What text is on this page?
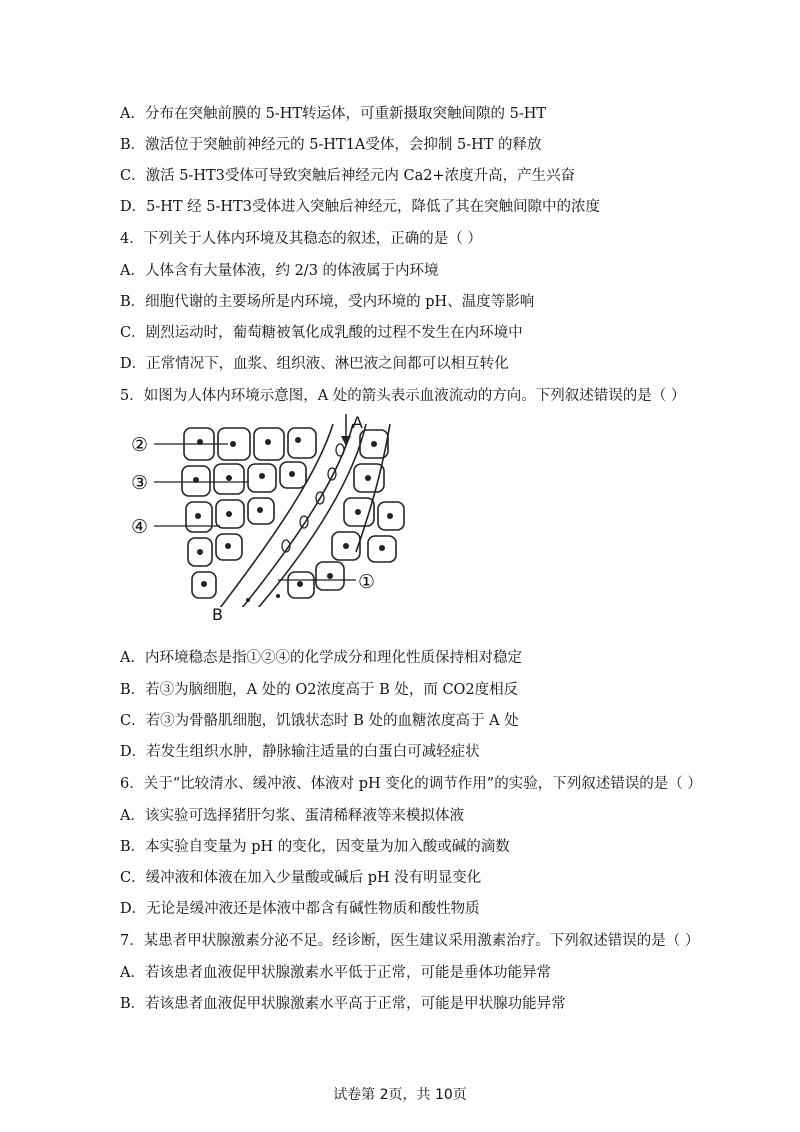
A．分布在突触前膜的 5-HT转运体，可重新摄取突触间隙的 5-HT
B．激活位于突触前神经元的 5-HT1A受体，会抑制 5-HT 的释放
C．激活 5-HT3受体可导致突触后神经元内 Ca2+浓度升高，产生兴奋
D．5-HT 经 5-HT3受体进入突触后神经元，降低了其在突触间隙中的浓度
4．下列关于人体内环境及其稳态的叙述，正确的是（ ）
A．人体含有大量体液，约 2/3 的体液属于内环境
B．细胞代谢的主要场所是内环境，受内环境的 pH、温度等影响
C．剧烈运动时，葡萄糖被氧化成乳酸的过程不发生在内环境中
D．正常情况下，血浆、组织液、淋巴液之间都可以相互转化
5．如图为人体内环境示意图，A 处的箭头表示血液流动的方向。下列叙述错误的是（ ）
②
③
④
①
A
B
A．内环境稳态是指①②④的化学成分和理化性质保持相对稳定
B．若③为脑细胞，A 处的 O2浓度高于 B 处，而 CO2度相反
C．若③为骨骼肌细胞，饥饿状态时 B 处的血糖浓度高于 A 处
D．若发生组织水肿，静脉输注适量的白蛋白可减轻症状
6．关于“比较清水、缓冲液、体液对 pH 变化的调节作用”的实验，下列叙述错误的是（ ）
A．该实验可选择猪肝匀浆、蛋清稀释液等来模拟体液
B．本实验自变量为 pH 的变化，因变量为加入酸或碱的滴数
C．缓冲液和体液在加入少量酸或碱后 pH 没有明显变化
D．无论是缓冲液还是体液中都含有碱性物质和酸性物质
7．某患者甲状腺激素分泌不足。经诊断，医生建议采用激素治疗。下列叙述错误的是（ ）
A．若该患者血液促甲状腺激素水平低于正常，可能是垂体功能异常
B．若该患者血液促甲状腺激素水平高于正常，可能是甲状腺功能异常
试卷第 2页，共 10页
